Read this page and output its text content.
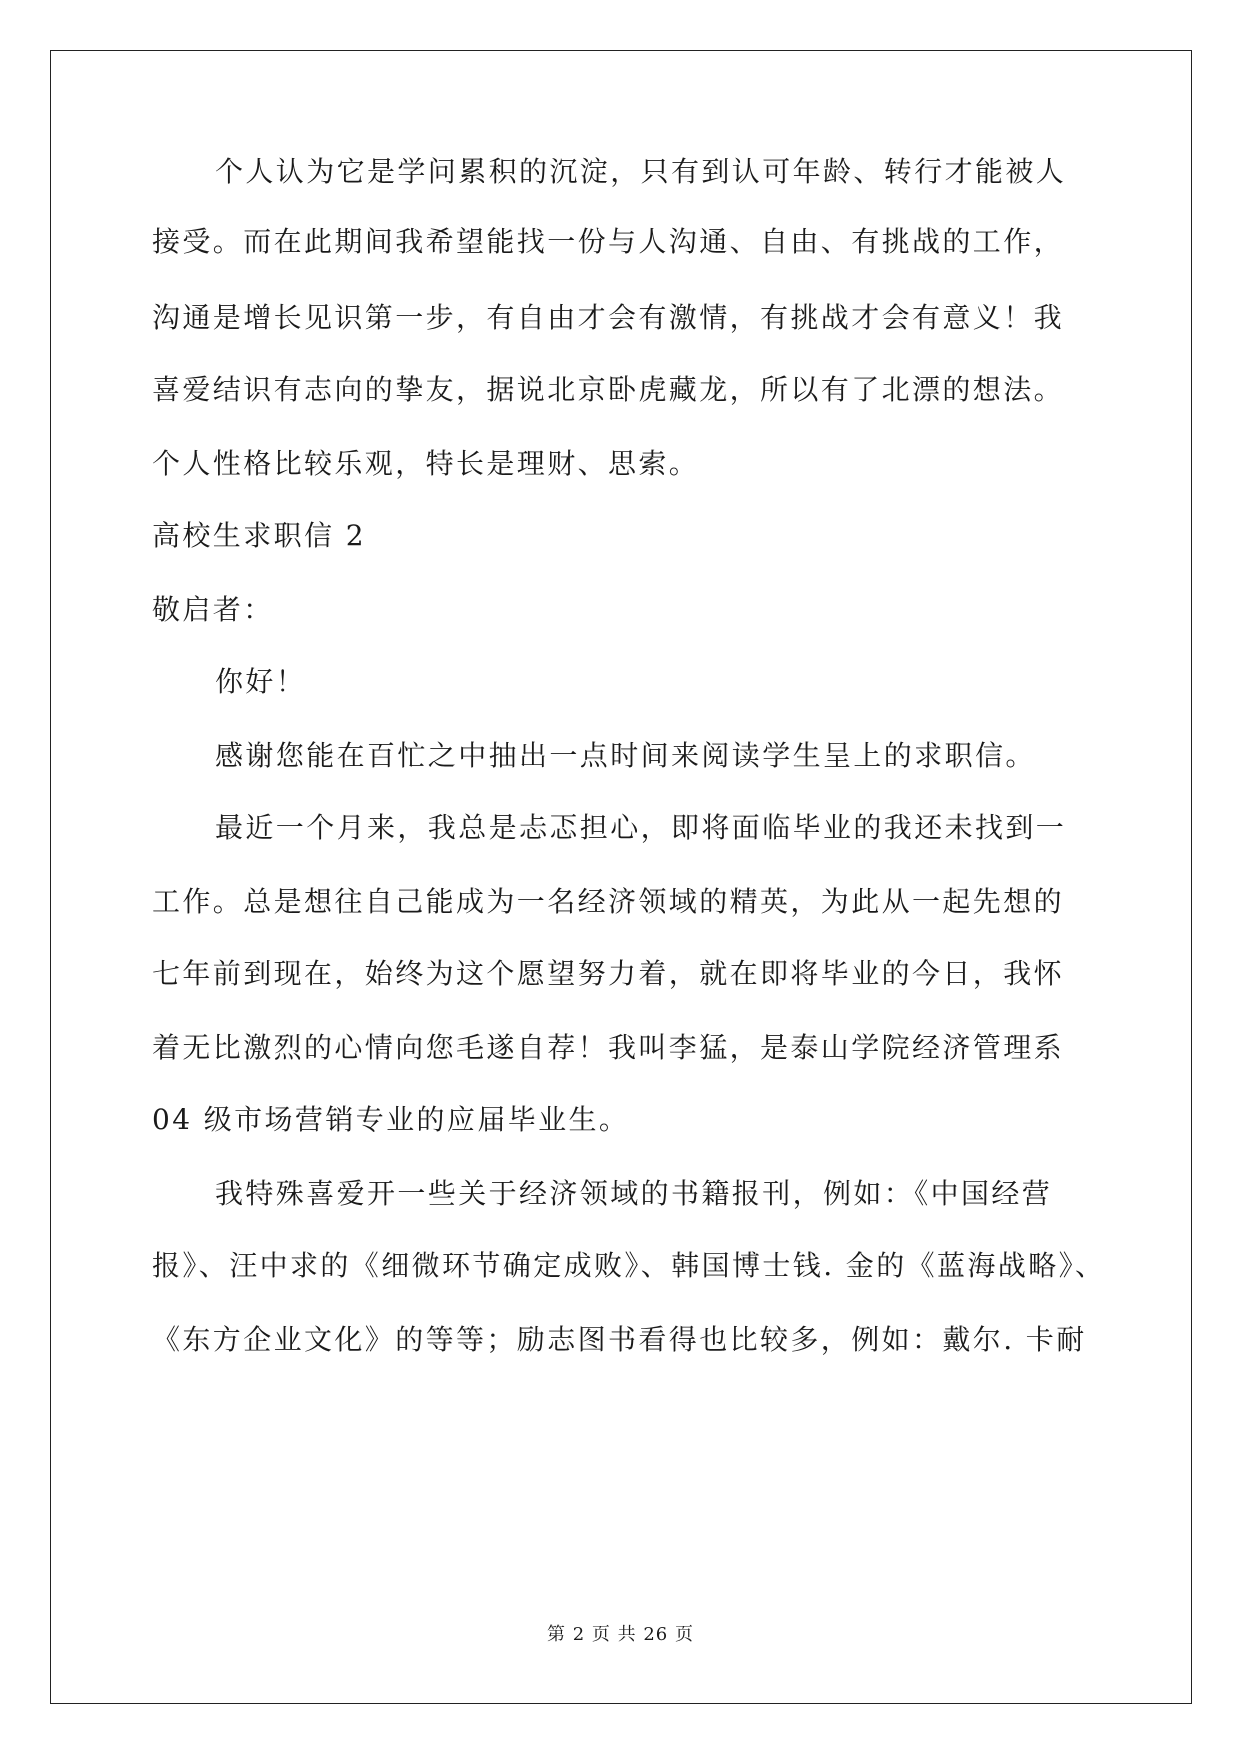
个人认为它是学问累积的沉淀，只有到认可年龄、转行才能被人
接受。而在此期间我希望能找一份与人沟通、自由、有挑战的工作，
沟通是增长见识第一步，有自由才会有激情，有挑战才会有意义！我
喜爱结识有志向的挚友，据说北京卧虎藏龙，所以有了北漂的想法。
个人性格比较乐观，特长是理财、思索。
高校生求职信 2
敬启者：
你好！
感谢您能在百忙之中抽出一点时间来阅读学生呈上的求职信。
最近一个月来，我总是忐忑担心，即将面临毕业的我还未找到一
工作。总是想往自己能成为一名经济领域的精英，为此从一起先想的
七年前到现在，始终为这个愿望努力着，就在即将毕业的今日，我怀
着无比激烈的心情向您毛遂自荐！我叫李猛，是泰山学院经济管理系
04 级市场营销专业的应届毕业生。
我特殊喜爱开一些关于经济领域的书籍报刊，例如：《中国经营
报》、汪中求的《细微环节确定成败》、韩国博士钱. 金的《蓝海战略》、
《东方企业文化》的等等；励志图书看得也比较多，例如：戴尔. 卡耐
第 2 页 共 26 页
